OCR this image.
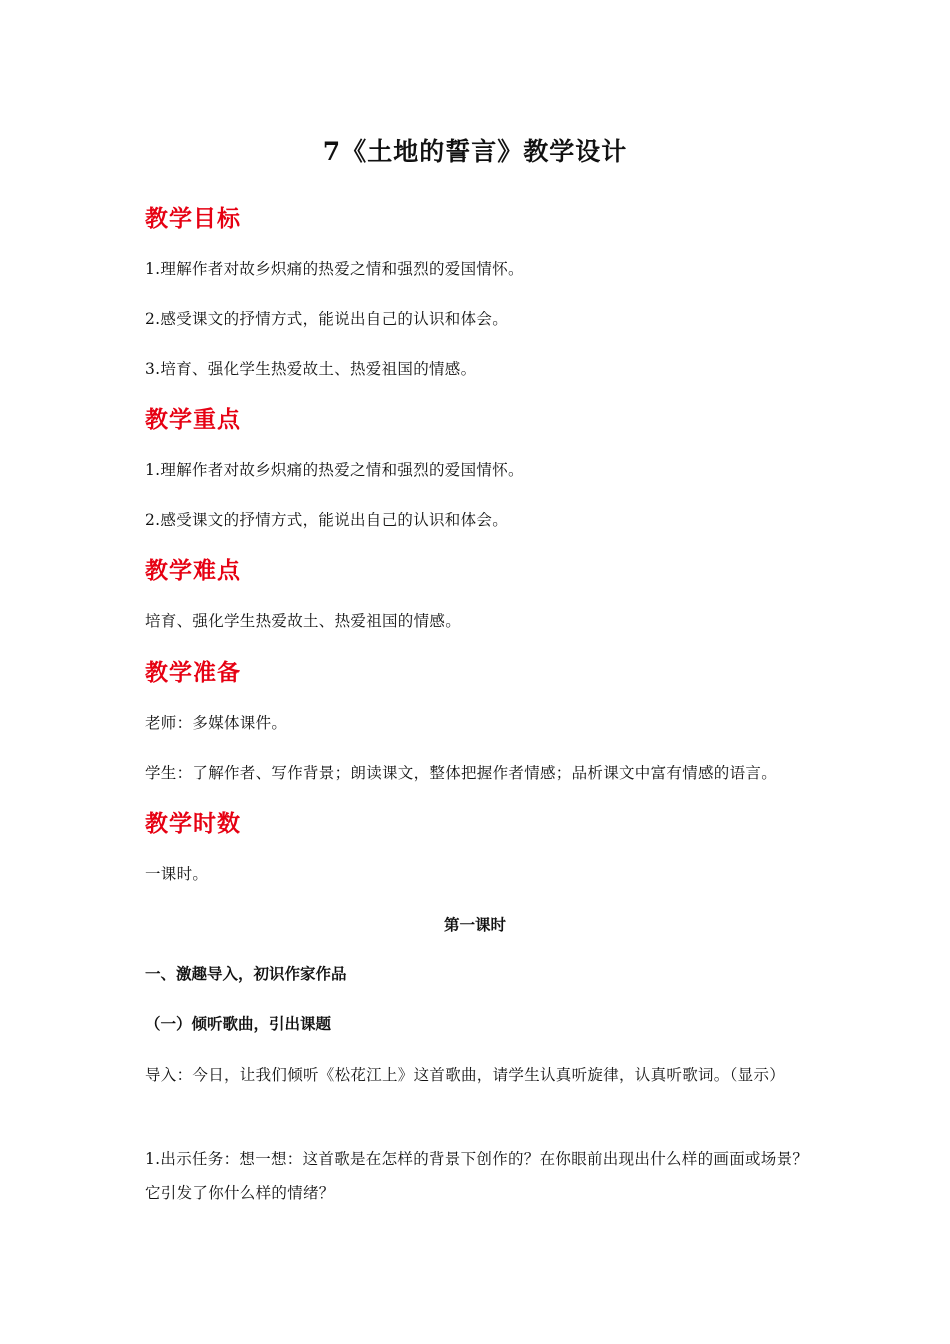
7《土地的誓言》教学设计
教学目标
1.理解作者对故乡炽痛的热爱之情和强烈的爱国情怀。
2.感受课文的抒情方式，能说出自己的认识和体会。
3.培育、强化学生热爱故土、热爱祖国的情感。
教学重点
1.理解作者对故乡炽痛的热爱之情和强烈的爱国情怀。
2.感受课文的抒情方式，能说出自己的认识和体会。
教学难点
培育、强化学生热爱故土、热爱祖国的情感。
教学准备
老师：多媒体课件。
学生：了解作者、写作背景；朗读课文，整体把握作者情感；品析课文中富有情感的语言。
教学时数
一课时。
第一课时
一、激趣导入，初识作家作品
（一）倾听歌曲，引出课题
导入：今日，让我们倾听《松花江上》这首歌曲，请学生认真听旋律，认真听歌词。（显示）
1.出示任务：想一想：这首歌是在怎样的背景下创作的？在你眼前出现出什么样的画面或场景？它引发了你什么样的情绪？
